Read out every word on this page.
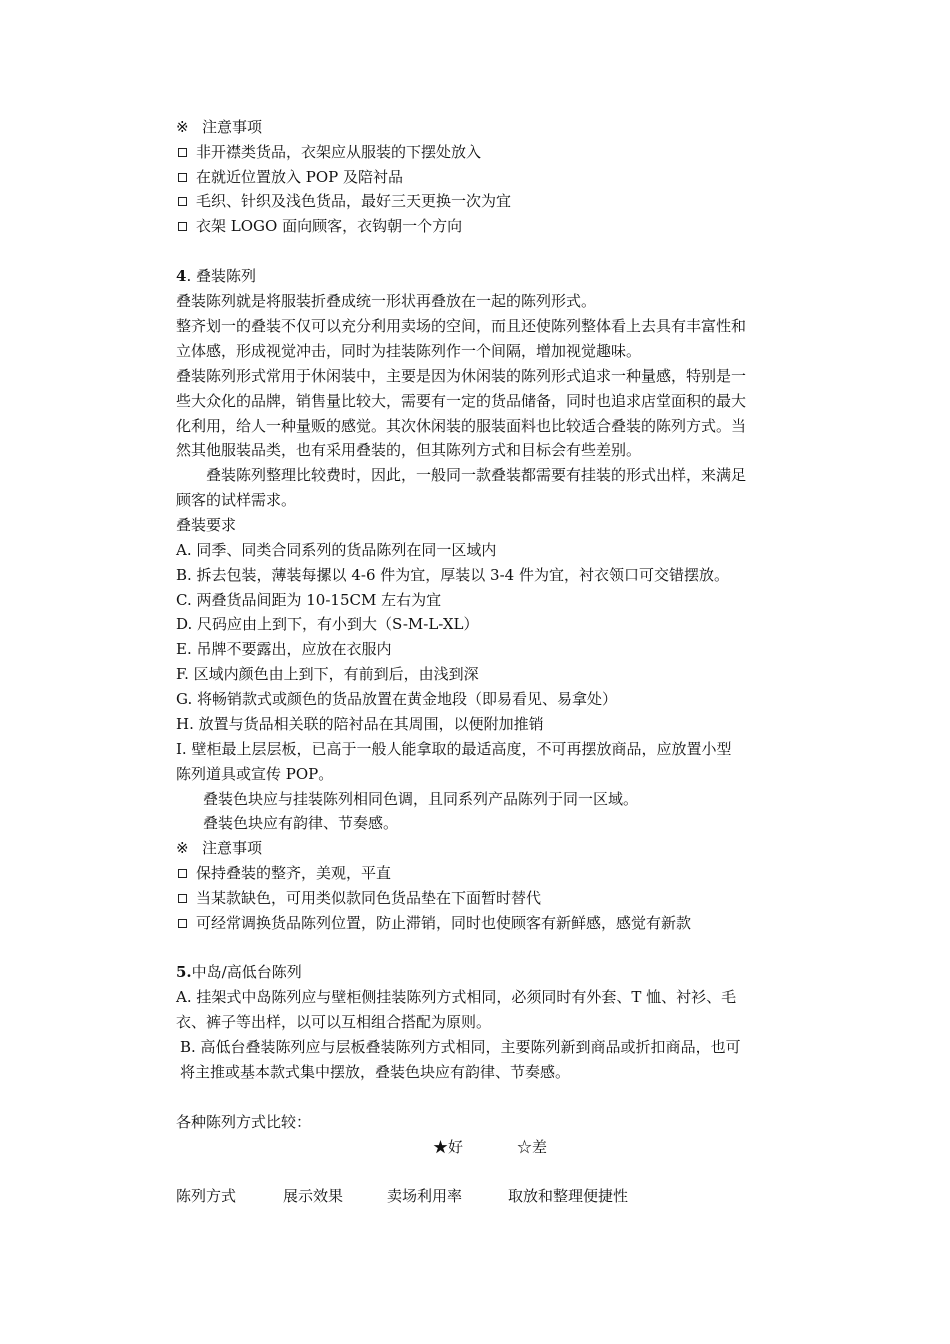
※ 注意事项
非开襟类货品，衣架应从服装的下摆处放入
在就近位置放入 POP 及陪衬品
毛织、针织及浅色货品，最好三天更换一次为宜
衣架 LOGO 面向顾客，衣钩朝一个方向
4. 叠装陈列
叠装陈列就是将服装折叠成统一形状再叠放在一起的陈列形式。
整齐划一的叠装不仅可以充分利用卖场的空间，而且还使陈列整体看上去具有丰富性和
立体感，形成视觉冲击，同时为挂装陈列作一个间隔，增加视觉趣味。
叠装陈列形式常用于休闲装中，主要是因为休闲装的陈列形式追求一种量感，特别是一
些大众化的品牌，销售量比较大，需要有一定的货品储备，同时也追求店堂面积的最大
化利用，给人一种量贩的感觉。其次休闲装的服装面料也比较适合叠装的陈列方式。当
然其他服装品类，也有采用叠装的，但其陈列方式和目标会有些差别。
叠装陈列整理比较费时，因此，一般同一款叠装都需要有挂装的形式出样，来满足
顾客的试样需求。
叠装要求
A. 同季、同类合同系列的货品陈列在同一区域内
B. 拆去包装，薄装每摞以 4-6 件为宜，厚装以 3-4 件为宜，衬衣领口可交错摆放。
C. 两叠货品间距为 10-15CM 左右为宜
D. 尺码应由上到下，有小到大（S-M-L-XL）
E. 吊牌不要露出，应放在衣服内
F. 区域内颜色由上到下，有前到后，由浅到深
G. 将畅销款式或颜色的货品放置在黄金地段（即易看见、易拿处）
H. 放置与货品相关联的陪衬品在其周围，以便附加推销
I. 壁柜最上层层板，已高于一般人能拿取的最适高度，不可再摆放商品，应放置小型
陈列道具或宣传 POP。
叠装色块应与挂装陈列相同色调，且同系列产品陈列于同一区域。
叠装色块应有韵律、节奏感。
※ 注意事项
保持叠装的整齐，美观，平直
当某款缺色，可用类似款同色货品垫在下面暂时替代
可经常调换货品陈列位置，防止滞销，同时也使顾客有新鲜感，感觉有新款
5.中岛/高低台陈列
A. 挂架式中岛陈列应与壁柜侧挂装陈列方式相同，必须同时有外套、T 恤、衬衫、毛
衣、裤子等出样，以可以互相组合搭配为原则。
B. 高低台叠装陈列应与层板叠装陈列方式相同，主要陈列新到商品或折扣商品，也可
将主推或基本款式集中摆放，叠装色块应有韵律、节奏感。
各种陈列方式比较：
★好	☆差
陈列方式	展示效果	卖场利用率	取放和整理便捷性
